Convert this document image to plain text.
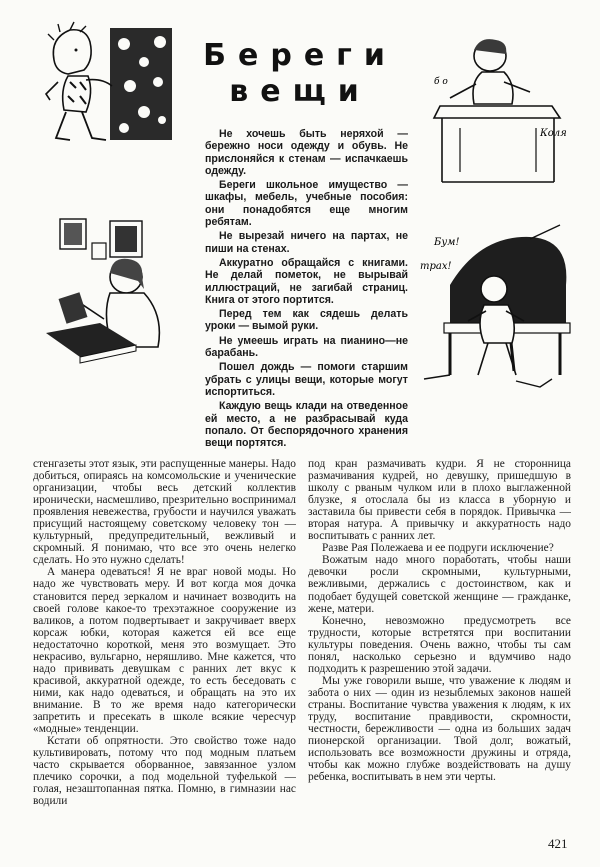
Береги
вещи
Коля
б о
Бум!
трах!

Не хочешь быть неряхой — бережно носи одежду и обувь. Не прислоняйся к стенам — испачкаешь одежду.

Береги школьное имущество — шкафы, мебель, учебные пособия: они понадобятся еще многим ребятам.

Не вырезай ничего на партах, не пиши на стенах.

Аккуратно обращайся с книгами. Не делай пометок, не вырывай иллюстраций, не загибай страниц. Книга от этого портится.

Перед тем как сядешь делать уроки — вымой руки.

Не умеешь играть на пианино—не барабань.

Пошел дождь — помоги старшим убрать с улицы вещи, которые могут испортиться.

Каждую вещь клади на отведенное ей место, а не разбрасывай куда попало. От беспорядочного хранения вещи портятся.

стенгазеты этот язык, эти распущенные манеры. Надо добиться, опираясь на комсомольские и ученические организации, чтобы весь детский коллектив иронически, насмешливо, презрительно воспринимал проявления невежества, грубости и научился уважать присущий настоящему советскому человеку тон — культурный, предупредительный, вежливый и скромный. Я понимаю, что все это очень нелегко сделать. Но это нужно сделать!

А манера одеваться! Я не враг новой моды. Но надо же чувствовать меру. И вот когда моя дочка становится перед зеркалом и начинает возводить на своей голове какое-то трехэтажное сооружение из валиков, а потом подвертывает и закручивает вверх корсаж юбки, которая кажется ей все еще недостаточно короткой, меня это возмущает. Это некрасиво, вульгарно, неряшливо. Мне кажется, что надо прививать девушкам с ранних лет вкус к красивой, аккуратной одежде, то есть беседовать с ними, как надо одеваться, и обращать на это их внимание. В то же время надо категорически запретить и пресекать в школе всякие чересчур «модные» тенденции.

Кстати об опрятности. Это свойство тоже надо культивировать, потому что под модным платьем часто скрывается оборванное, завязанное узлом плечико сорочки, а под модельной туфелькой — голая, незаштопанная пятка. Помню, в гимназии нас водили

под кран размачивать кудри. Я не сторонница размачивания кудрей, но девушку, пришедшую в школу с рваным чулком или в плохо выглаженной блузке, я отослала бы из класса в уборную и заставила бы привести себя в порядок. Привычка — вторая натура. А привычку и аккуратность надо воспитывать с ранних лет.

Разве Рая Полежаева и ее подруги исключение?

Вожатым надо много поработать, чтобы наши девочки росли скромными, культурными, вежливыми, держались с достоинством, как и подобает будущей советской женщине — гражданке, жене, матери.

Конечно, невозможно предусмотреть все трудности, которые встретятся при воспитании культуры поведения. Очень важно, чтобы ты сам понял, насколько серьезно и вдумчиво надо подходить к разрешению этой задачи.

Мы уже говорили выше, что уважение к людям и забота о них — один из незыблемых законов нашей страны. Воспитание чувства уважения к людям, к их труду, воспитание правдивости, скромности, честности, бережливости — одна из больших задач пионерской организации. Твой долг, вожатый, использовать все возможности дружины и отряда, чтобы как можно глубже воздействовать на душу ребенка, воспитывать в нем эти черты.

421
